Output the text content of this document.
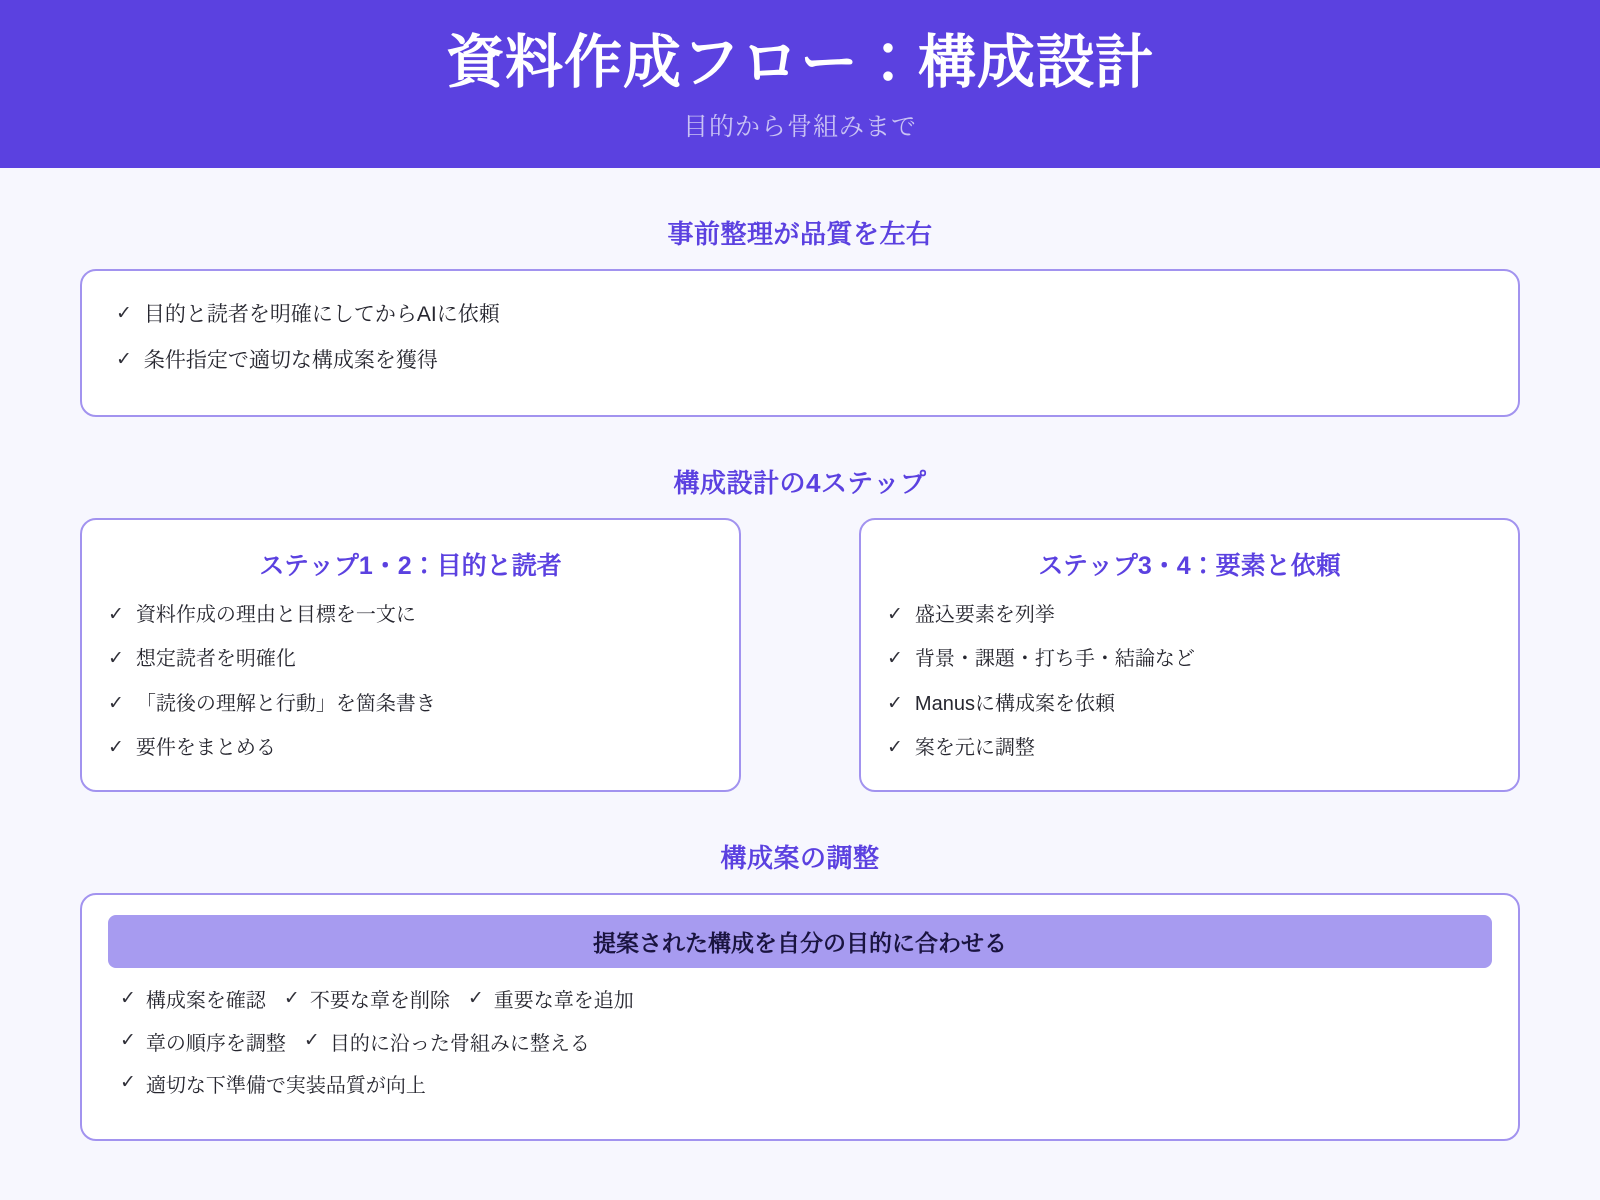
資料作成フロー：構成設計
目的から骨組みまで
事前整理が品質を左右
✓ 目的と読者を明確にしてからAIに依頼
✓ 条件指定で適切な構成案を獲得
構成設計の4ステップ
ステップ1・2：目的と読者
✓ 資料作成の理由と目標を一文に
✓ 想定読者を明確化
✓ 「読後の理解と行動」を箇条書き
✓ 要件をまとめる
ステップ3・4：要素と依頼
✓ 盛込要素を列挙
✓ 背景・課題・打ち手・結論など
✓ Manusに構成案を依頼
✓ 案を元に調整
構成案の調整
提案された構成を自分の目的に合わせる
✓ 構成案を確認 ✓ 不要な章を削除 ✓ 重要な章を追加
✓ 章の順序を調整 ✓ 目的に沿った骨組みに整える
✓ 適切な下準備で実装品質が向上
